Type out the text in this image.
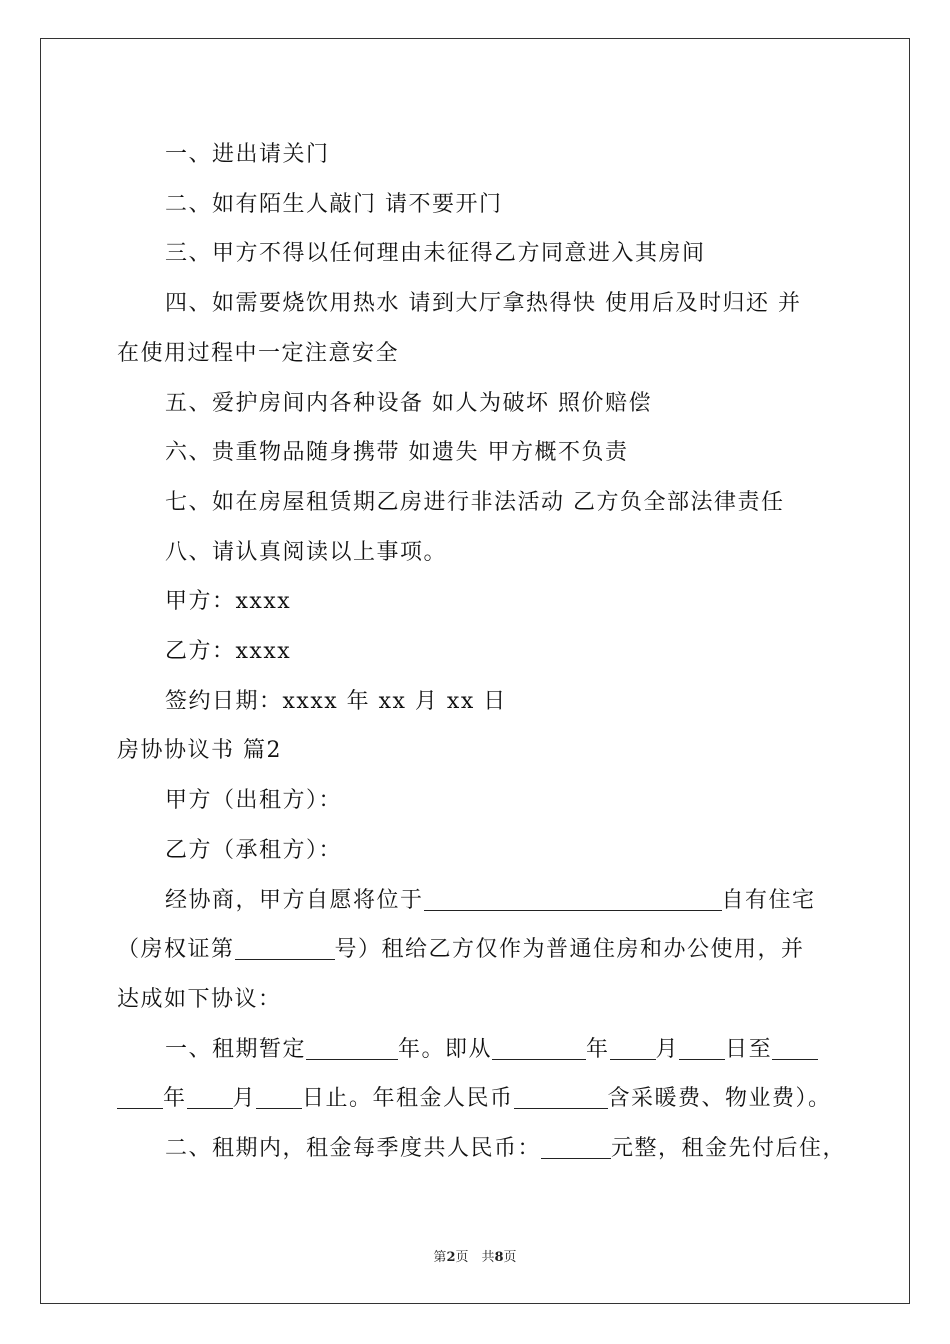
一、进出请关门
二、如有陌生人敲门 请不要开门
三、甲方不得以任何理由未征得乙方同意进入其房间
四、如需要烧饮用热水 请到大厅拿热得快 使用后及时归还 并
在使用过程中一定注意安全
五、爱护房间内各种设备 如人为破坏 照价赔偿
六、贵重物品随身携带 如遗失 甲方概不负责
七、如在房屋租赁期乙房进行非法活动 乙方负全部法律责任
八、请认真阅读以上事项。
甲方：xxxx
乙方：xxxx
签约日期：xxxx 年 xx 月 xx 日
房协协议书 篇2
甲方（出租方）：
乙方（承租方）：
经协商，甲方自愿将位于	自有住宅
（房权证第	号）租给乙方仅作为普通住房和办公使用，并
达成如下协议：
一、租期暂定	年。即从	年 月 日至
年 月 日止。年租金人民币	含采暖费、物业费）。
二、租期内，租金每季度共人民币：	元整，租金先付后住，
第2页　共8页
